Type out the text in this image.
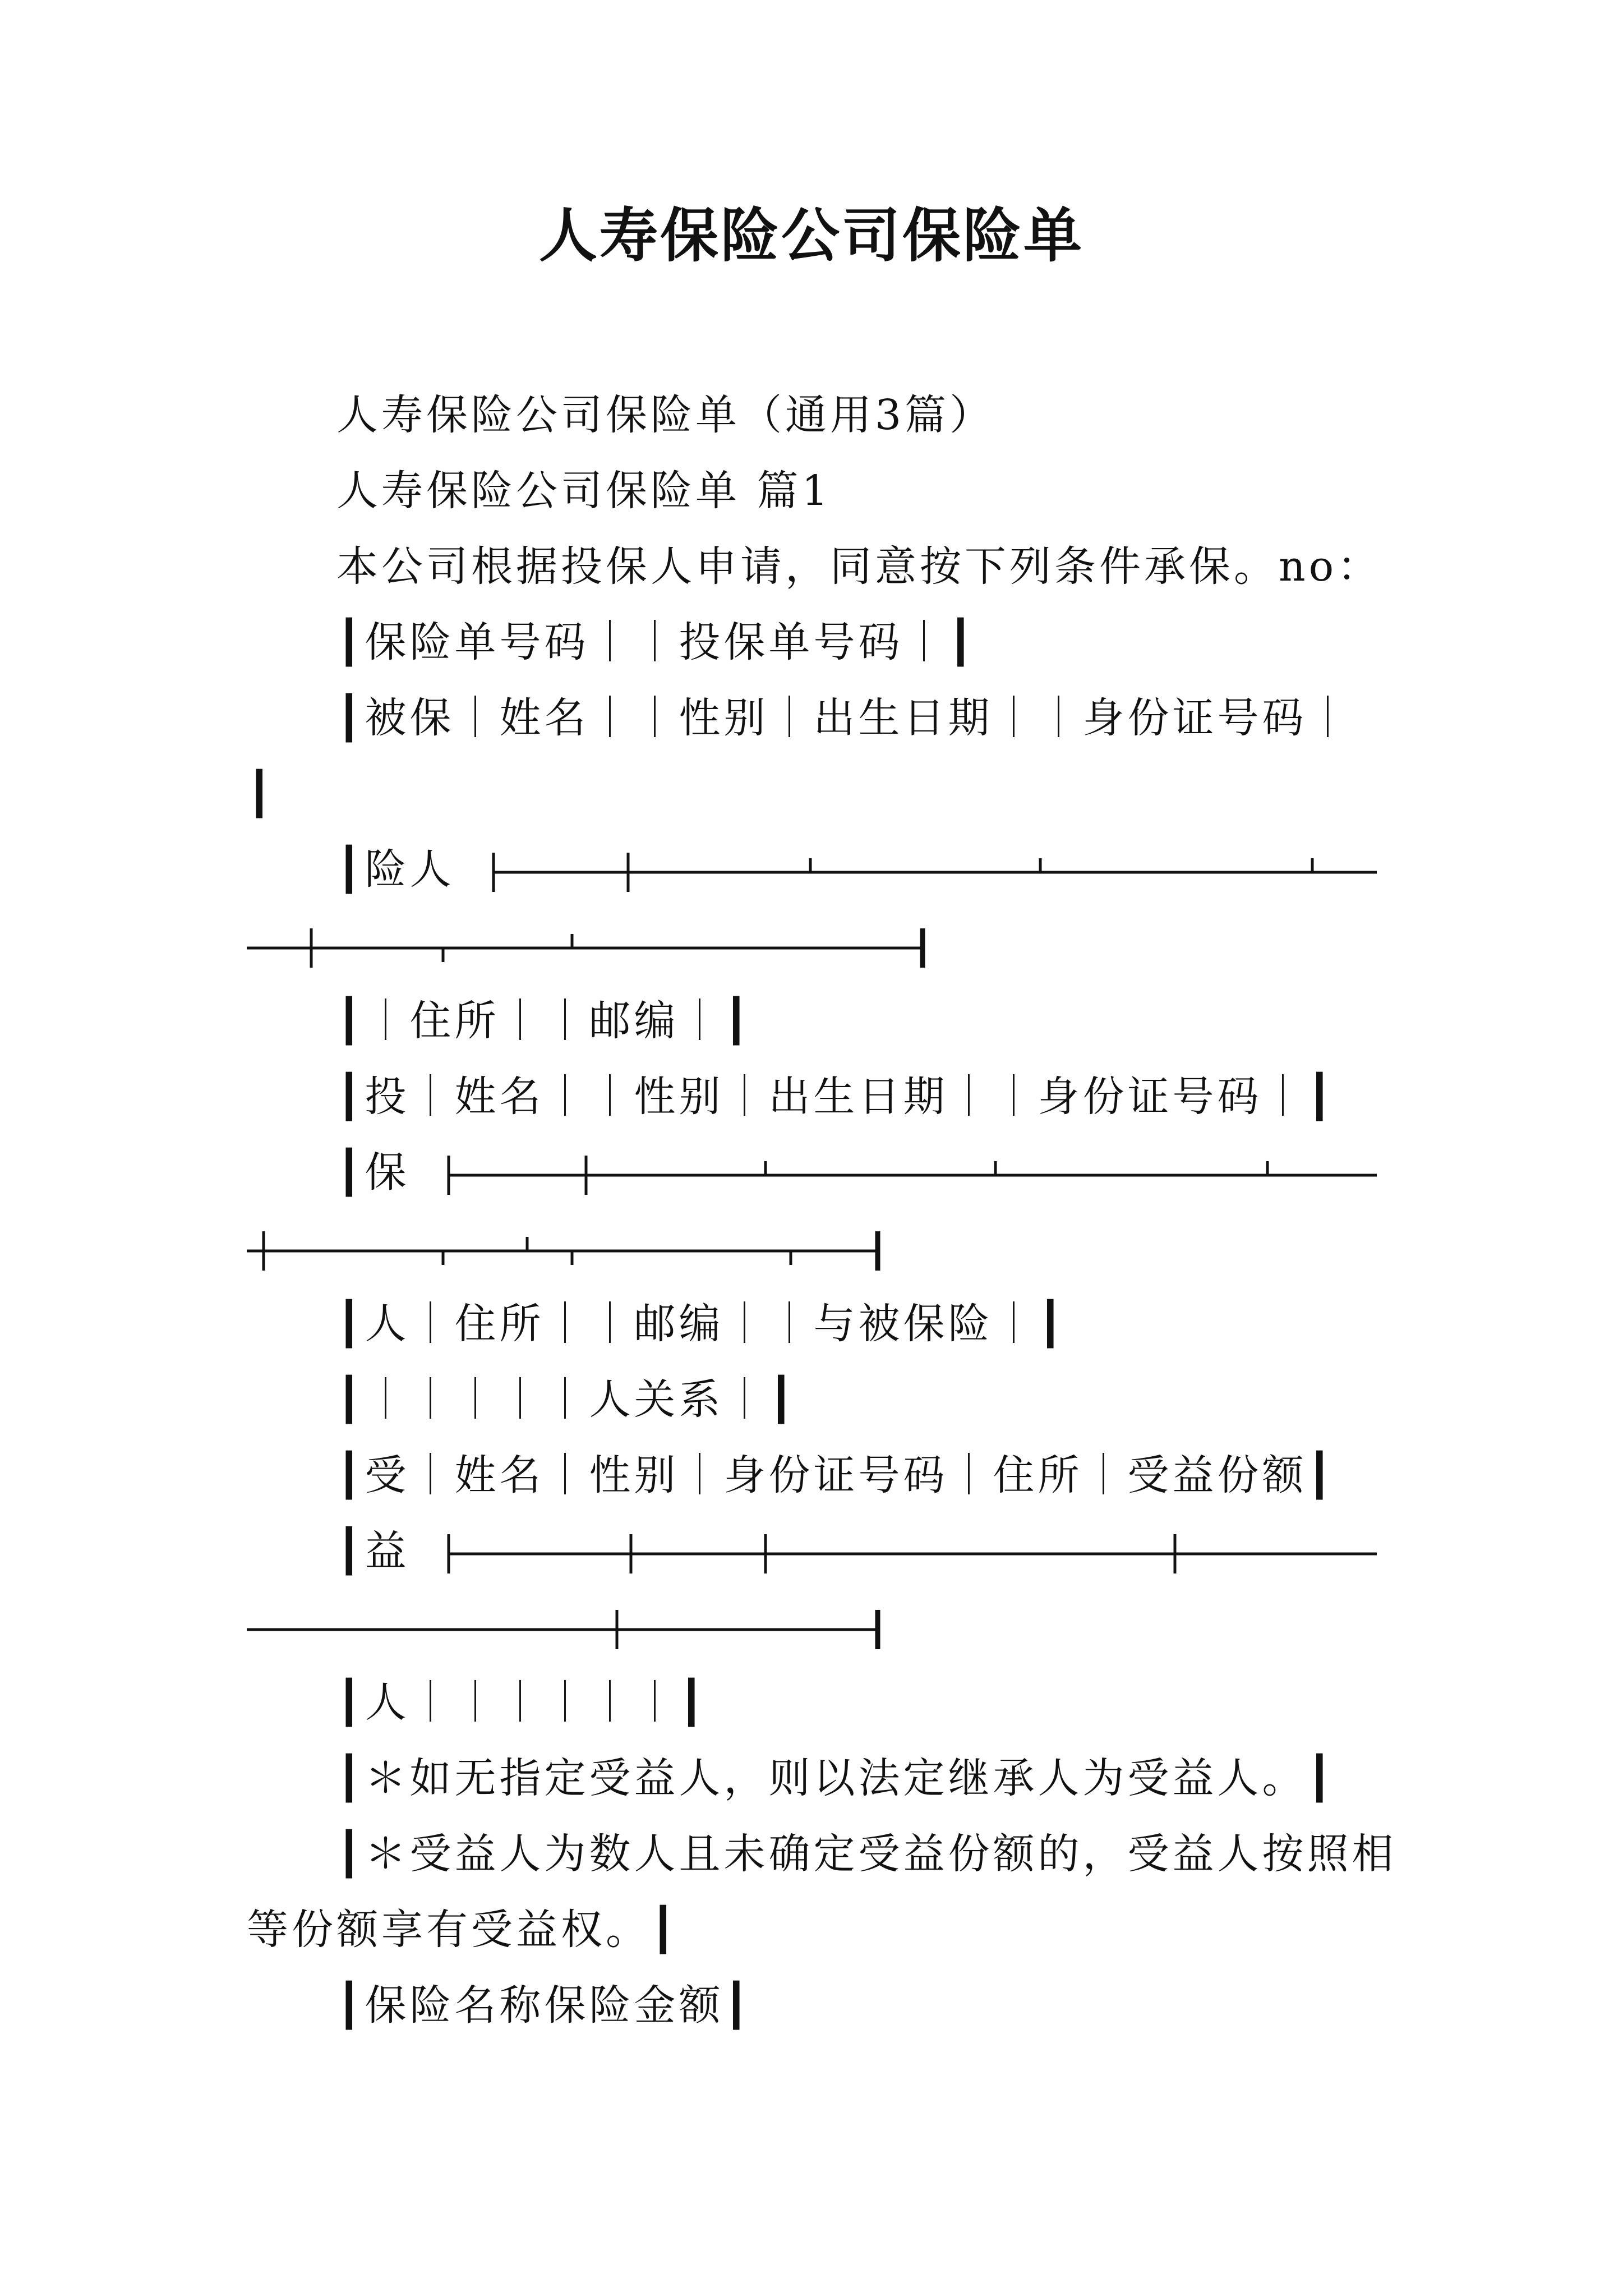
人寿保险公司保险单
人寿保险公司保险单（通用3篇）
人寿保险公司保险单 篇1
本公司根据投保人申请，同意按下列条件承保。no：
┃保险单号码｜｜投保单号码｜┃
┃被保｜姓名｜｜性别｜出生日期｜｜身份证号码｜
┃
┃险人
┃｜住所｜｜邮编｜┃
┃投｜姓名｜｜性别｜出生日期｜｜身份证号码｜┃
┃保
┃人｜住所｜｜邮编｜｜与被保险｜┃
┃｜｜｜｜｜人关系｜┃
┃受｜姓名｜性别｜身份证号码｜住所｜受益份额┃
┃益
┃人｜｜｜｜｜｜┃
┃＊如无指定受益人，则以法定继承人为受益人。┃
┃＊受益人为数人且未确定受益份额的，受益人按照相
等份额享有受益权。┃
┃保险名称保险金额┃
